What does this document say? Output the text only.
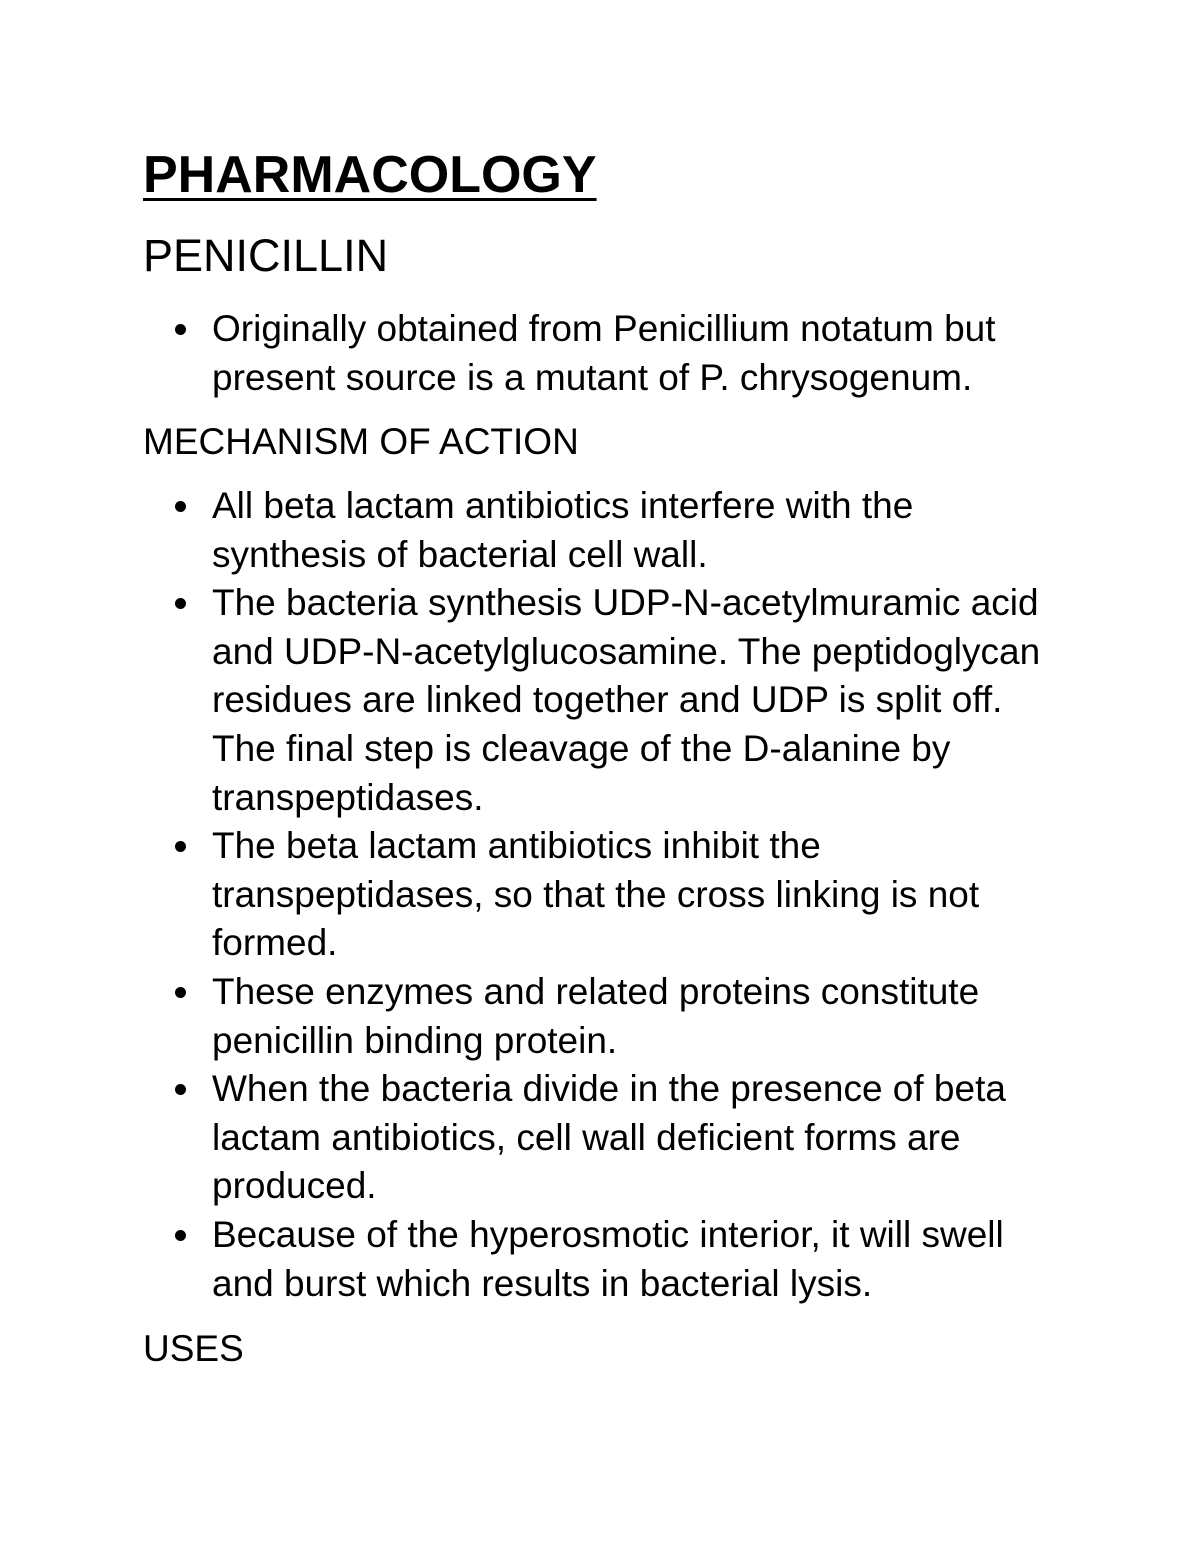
PHARMACOLOGY
PENICILLIN
Originally obtained from Penicillium notatum but present source is a mutant of P. chrysogenum.
MECHANISM OF ACTION
All beta lactam antibiotics interfere with the synthesis of bacterial cell wall.
The bacteria synthesis UDP-N-acetylmuramic acid and UDP-N-acetylglucosamine. The peptidoglycan residues are linked together and UDP is split off. The final step is cleavage of the D-alanine by transpeptidases.
The beta lactam antibiotics inhibit the transpeptidases, so that the cross linking is not formed.
These enzymes and related proteins constitute penicillin binding protein.
When the bacteria divide in the presence of beta lactam antibiotics, cell wall deficient forms are produced.
Because of the hyperosmotic interior, it will swell and burst which results in bacterial lysis.
USES
